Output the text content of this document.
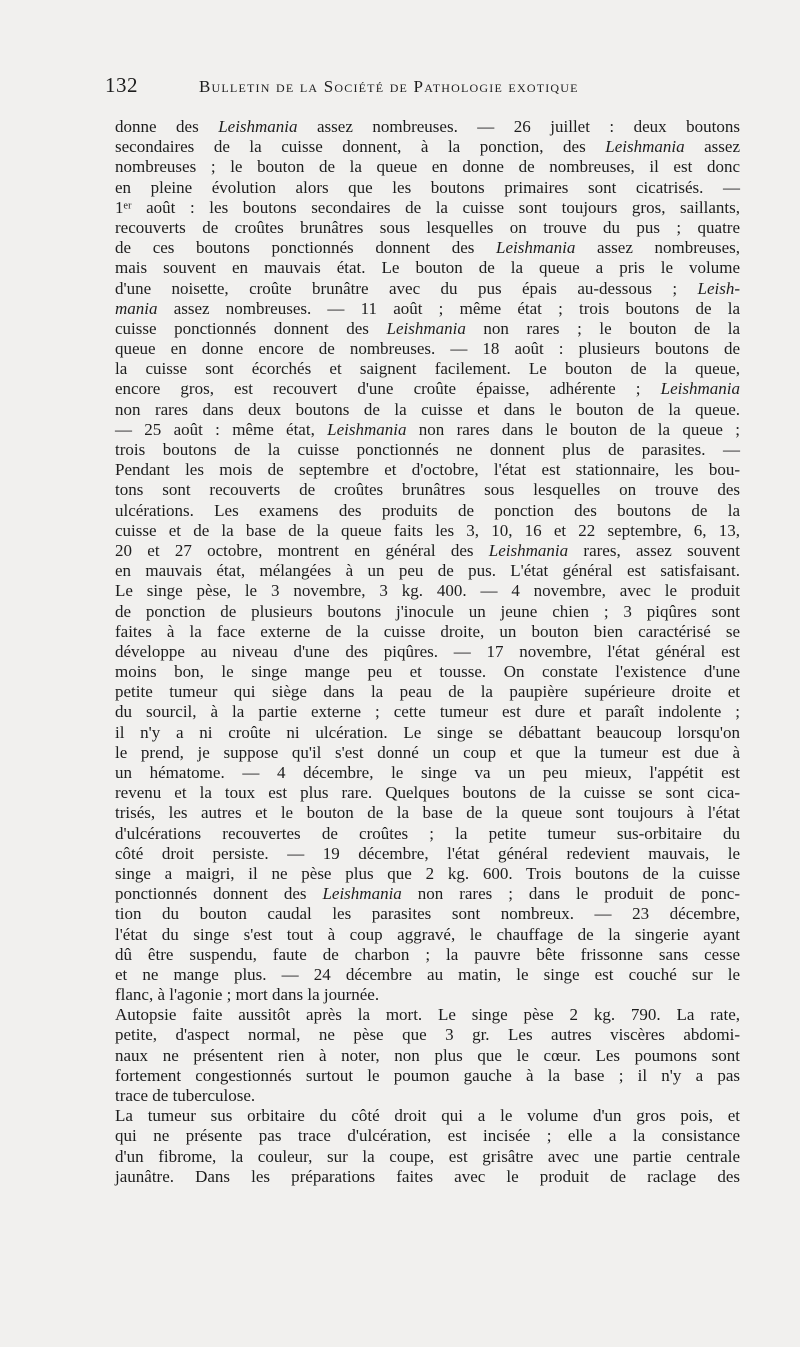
132	Bulletin de la Société de Pathologie exotique
donne des Leishmania assez nombreuses. — 26 juillet : deux boutons
secondaires de la cuisse donnent, à la ponction, des Leishmania assez
nombreuses ; le bouton de la queue en donne de nombreuses, il est donc
en pleine évolution alors que les boutons primaires sont cicatrisés. —
1ᵉʳ août : les boutons secondaires de la cuisse sont toujours gros, saillants,
recouverts de croûtes brunâtres sous lesquelles on trouve du pus ; quatre
de ces boutons ponctionnés donnent des Leishmania assez nombreuses,
mais souvent en mauvais état. Le bouton de la queue a pris le volume
d'une noisette, croûte brunâtre avec du pus épais au-dessous ; Leish-
mania assez nombreuses. — 11 août ; même état ; trois boutons de la
cuisse ponctionnés donnent des Leishmania non rares ; le bouton de la
queue en donne encore de nombreuses. — 18 août : plusieurs boutons de
la cuisse sont écorchés et saignent facilement. Le bouton de la queue,
encore gros, est recouvert d'une croûte épaisse, adhérente ; Leishmania
non rares dans deux boutons de la cuisse et dans le bouton de la queue.
— 25 août : même état, Leishmania non rares dans le bouton de la queue ;
trois boutons de la cuisse ponctionnés ne donnent plus de parasites. —
Pendant les mois de septembre et d'octobre, l'état est stationnaire, les bou-
tons sont recouverts de croûtes brunâtres sous lesquelles on trouve des
ulcérations. Les examens des produits de ponction des boutons de la
cuisse et de la base de la queue faits les 3, 10, 16 et 22 septembre, 6, 13,
20 et 27 octobre, montrent en général des Leishmania rares, assez souvent
en mauvais état, mélangées à un peu de pus. L'état général est satisfaisant.
Le singe pèse, le 3 novembre, 3 kg. 400. — 4 novembre, avec le produit
de ponction de plusieurs boutons j'inocule un jeune chien ; 3 piqûres sont
faites à la face externe de la cuisse droite, un bouton bien caractérisé se
développe au niveau d'une des piqûres. — 17 novembre, l'état général est
moins bon, le singe mange peu et tousse. On constate l'existence d'une
petite tumeur qui siège dans la peau de la paupière supérieure droite et
du sourcil, à la partie externe ; cette tumeur est dure et paraît indolente ;
il n'y a ni croûte ni ulcération. Le singe se débattant beaucoup lorsqu'on
le prend, je suppose qu'il s'est donné un coup et que la tumeur est due à
un hématome. — 4 décembre, le singe va un peu mieux, l'appétit est
revenu et la toux est plus rare. Quelques boutons de la cuisse se sont cica-
trisés, les autres et le bouton de la base de la queue sont toujours à l'état
d'ulcérations recouvertes de croûtes ; la petite tumeur sus-orbitaire du
côté droit persiste. — 19 décembre, l'état général redevient mauvais, le
singe a maigri, il ne pèse plus que 2 kg. 600. Trois boutons de la cuisse
ponctionnés donnent des Leishmania non rares ; dans le produit de ponc-
tion du bouton caudal les parasites sont nombreux. — 23 décembre,
l'état du singe s'est tout à coup aggravé, le chauffage de la singerie ayant
dû être suspendu, faute de charbon ; la pauvre bête frissonne sans cesse
et ne mange plus. — 24 décembre au matin, le singe est couché sur le
flanc, à l'agonie ; mort dans la journée.
Autopsie faite aussitôt après la mort. Le singe pèse 2 kg. 790. La rate,
petite, d'aspect normal, ne pèse que 3 gr. Les autres viscères abdomi-
naux ne présentent rien à noter, non plus que le cœur. Les poumons sont
fortement congestionnés surtout le poumon gauche à la base ; il n'y a pas
trace de tuberculose.
La tumeur sus orbitaire du côté droit qui a le volume d'un gros pois, et
qui ne présente pas trace d'ulcération, est incisée ; elle a la consistance
d'un fibrome, la couleur, sur la coupe, est grisâtre avec une partie centrale
jaunâtre. Dans les préparations faites avec le produit de raclage des
